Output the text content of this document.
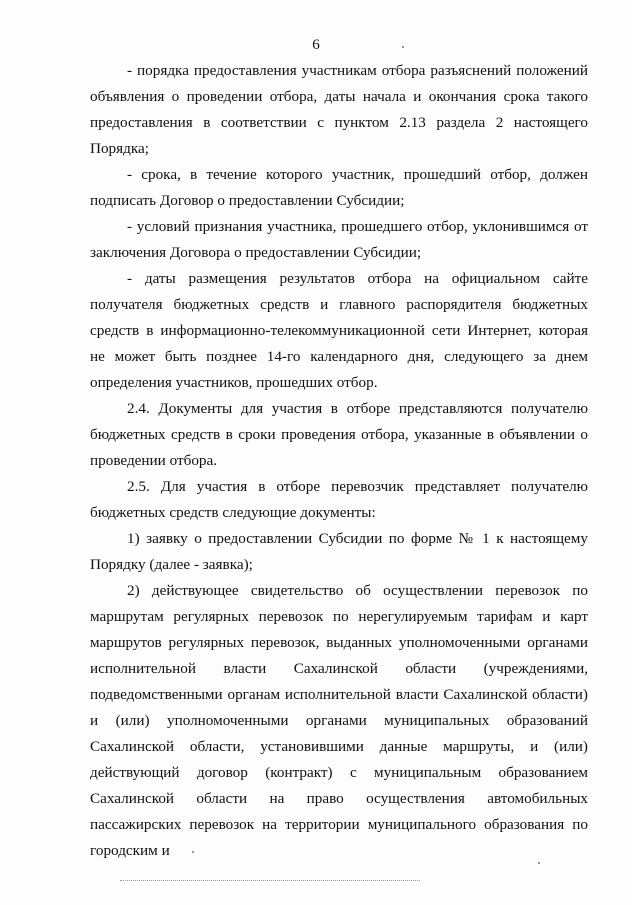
6

- порядка предоставления участникам отбора разъяснений положений объявления о проведении отбора, даты начала и окончания срока такого предоставления в соответствии с пунктом 2.13 раздела 2 настоящего Порядка;

- срока, в течение которого участник, прошедший отбор, должен подписать Договор о предоставлении Субсидии;

- условий признания участника, прошедшего отбор, уклонившимся от заключения Договора о предоставлении Субсидии;

- даты размещения результатов отбора на официальном сайте получателя бюджетных средств и главного распорядителя бюджетных средств в информационно-телекоммуникационной сети Интернет, которая не может быть позднее 14-го календарного дня, следующего за днем определения участников, прошедших отбор.

2.4. Документы для участия в отборе представляются получателю бюджетных средств в сроки проведения отбора, указанные в объявлении о проведении отбора.

2.5. Для участия в отборе перевозчик представляет получателю бюджетных средств следующие документы:

1) заявку о предоставлении Субсидии по форме № 1 к настоящему Порядку (далее - заявка);

2) действующее свидетельство об осуществлении перевозок по маршрутам регулярных перевозок по нерегулируемым тарифам и карт маршрутов регулярных перевозок, выданных уполномоченными органами исполнительной власти Сахалинской области (учреждениями, подведомственными органам исполнительной власти Сахалинской области) и (или) уполномоченными органами муниципальных образований Сахалинской области, установившими данные маршруты, и (или) действующий договор (контракт) с муниципальным образованием Сахалинской области на право осуществления автомобильных пассажирских перевозок на территории муниципального образования по городским и
